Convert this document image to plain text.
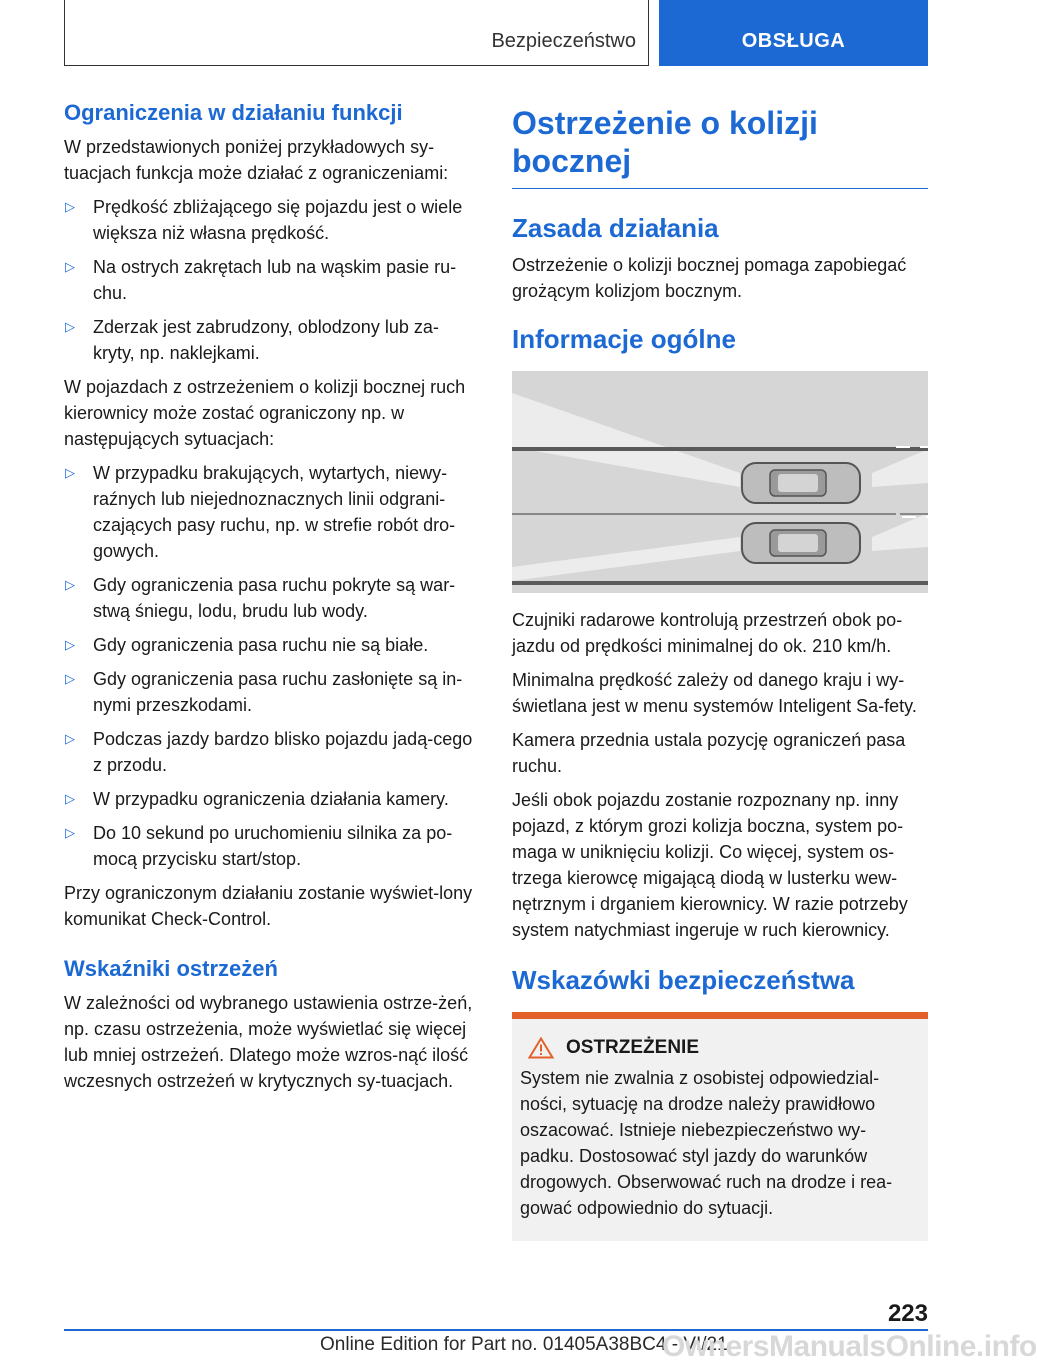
Bezpieczeństwo	OBSŁUGA
Ograniczenia w działaniu funkcji

W przedstawionych poniżej przykładowych sy-tuacjach funkcja może działać z ograniczeniami:

▷ Prędkość zbliżającego się pojazdu jest o wiele większa niż własna prędkość.
▷ Na ostrych zakrętach lub na wąskim pasie ru-chu.
▷ Zderzak jest zabrudzony, oblodzony lub za-kryty, np. naklejkami.

W pojazdach z ostrzeżeniem o kolizji bocznej ruch kierownicy może zostać ograniczony np. w następujących sytuacjach:

▷ W przypadku brakujących, wytartych, niewy-raźnych lub niejednoznacznych linii odgrani-czających pasy ruchu, np. w strefie robót dro-gowych.
▷ Gdy ograniczenia pasa ruchu pokryte są war-stwą śniegu, lodu, brudu lub wody.
▷ Gdy ograniczenia pasa ruchu nie są białe.
▷ Gdy ograniczenia pasa ruchu zasłonięte są in-nymi przeszkodami.
▷ Podczas jazdy bardzo blisko pojazdu jadą-cego z przodu.
▷ W przypadku ograniczenia działania kamery.
▷ Do 10 sekund po uruchomieniu silnika za po-mocą przycisku start/stop.

Przy ograniczonym działaniu zostanie wyświet-lony komunikat Check-Control.

Wskaźniki ostrzeżeń

W zależności od wybranego ustawienia ostrze-żeń, np. czasu ostrzeżenia, może wyświetlać się więcej lub mniej ostrzeżeń. Dlatego może wzros-nąć ilość wczesnych ostrzeżeń w krytycznych sy-tuacjach.

Ostrzeżenie o kolizji bocznej
Zasada działania

Ostrzeżenie o kolizji bocznej pomaga zapobiegać grożącym kolizjom bocznym.

Informacje ogólne

Czujniki radarowe kontrolują przestrzeń obok po-jazdu od prędkości minimalnej do ok. 210 km/h.

Minimalna prędkość zależy od danego kraju i wy-świetlana jest w menu systemów Inteligent Sa-fety.

Kamera przednia ustala pozycję ograniczeń pasa ruchu.

Jeśli obok pojazdu zostanie rozpoznany np. inny pojazd, z którym grozi kolizja boczna, system po-maga w uniknięciu kolizji. Co więcej, system os-trzega kierowcę migającą diodą w lusterku wew-nętrznym i drganiem kierownicy. W razie potrzeby system natychmiast ingeruje w ruch kierownicy.

Wskazówki bezpieczeństwa
OSTRZEŻENIE

System nie zwalnia z osobistej odpowiedzial-ności, sytuację na drodze należy prawidłowo oszacować. Istnieje niebezpieczeństwo wy-padku. Dostosować styl jazdy do warunków drogowych. Obserwować ruch na drodze i rea-gować odpowiednio do sytuacji.

223
Online Edition for Part no. 01405A38BC4 - VI/21
OwnersManualsOnline.info
